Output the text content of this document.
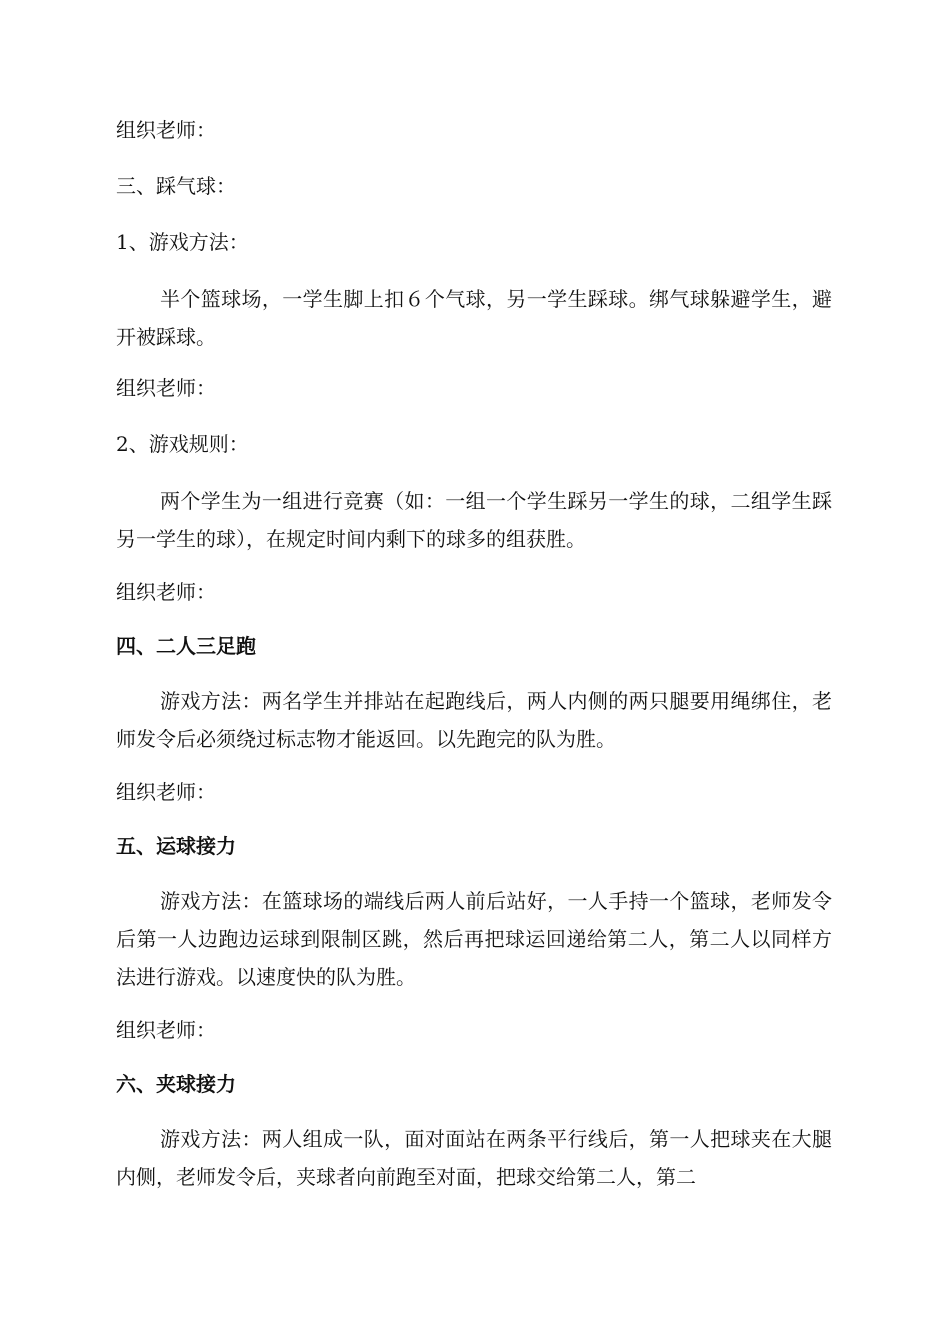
组织老师：

三、踩气球：

1、游戏方法：

半个篮球场，一学生脚上扣６个气球，另一学生踩球。绑气球躲避学生，避开被踩球。

组织老师：

2、游戏规则：

两个学生为一组进行竞赛（如：一组一个学生踩另一学生的球，二组学生踩另一学生的球），在规定时间内剩下的球多的组获胜。

组织老师：

四、二人三足跑

游戏方法：两名学生并排站在起跑线后，两人内侧的两只腿要用绳绑住，老师发令后必须绕过标志物才能返回。以先跑完的队为胜。

组织老师：

五、运球接力

游戏方法：在篮球场的端线后两人前后站好，一人手持一个篮球，老师发令后第一人边跑边运球到限制区跳，然后再把球运回递给第二人，第二人以同样方法进行游戏。以速度快的队为胜。

组织老师：

六、夹球接力

游戏方法：两人组成一队，面对面站在两条平行线后，第一人把球夹在大腿内侧，老师发令后，夹球者向前跑至对面，把球交给第二人，第二
